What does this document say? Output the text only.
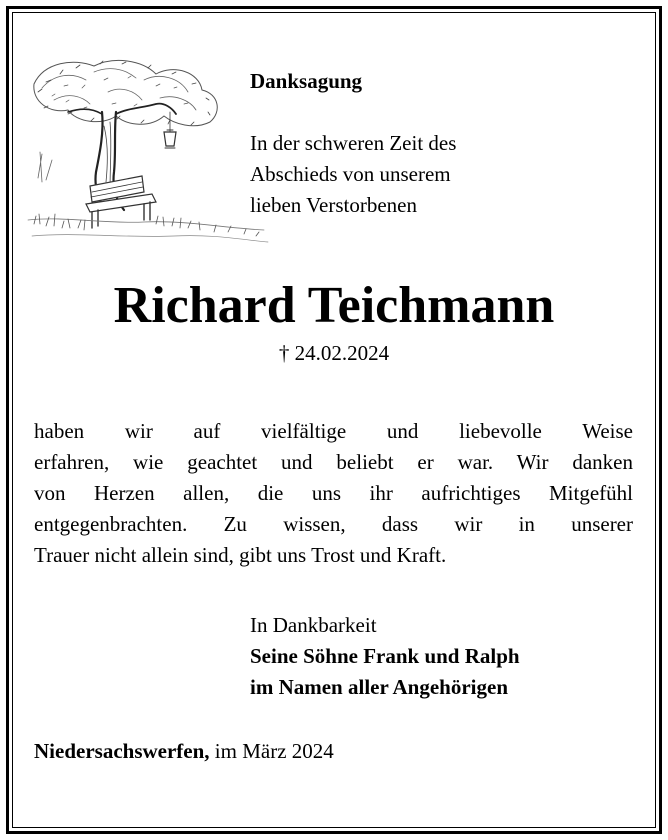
Danksagung

In der schweren Zeit des
Abschieds von unserem
lieben Verstorbenen
Richard Teichmann
† 24.02.2024
haben wir auf vielfältige und liebevolle Weise
erfahren, wie geachtet und beliebt er war. Wir danken
von Herzen allen, die uns ihr aufrichtiges Mitgefühl
entgegenbrachten. Zu wissen, dass wir in unserer
Trauer nicht allein sind, gibt uns Trost und Kraft.
In Dankbarkeit
Seine Söhne Frank und Ralph
im Namen aller Angehörigen
Niedersachswerfen, im März 2024
